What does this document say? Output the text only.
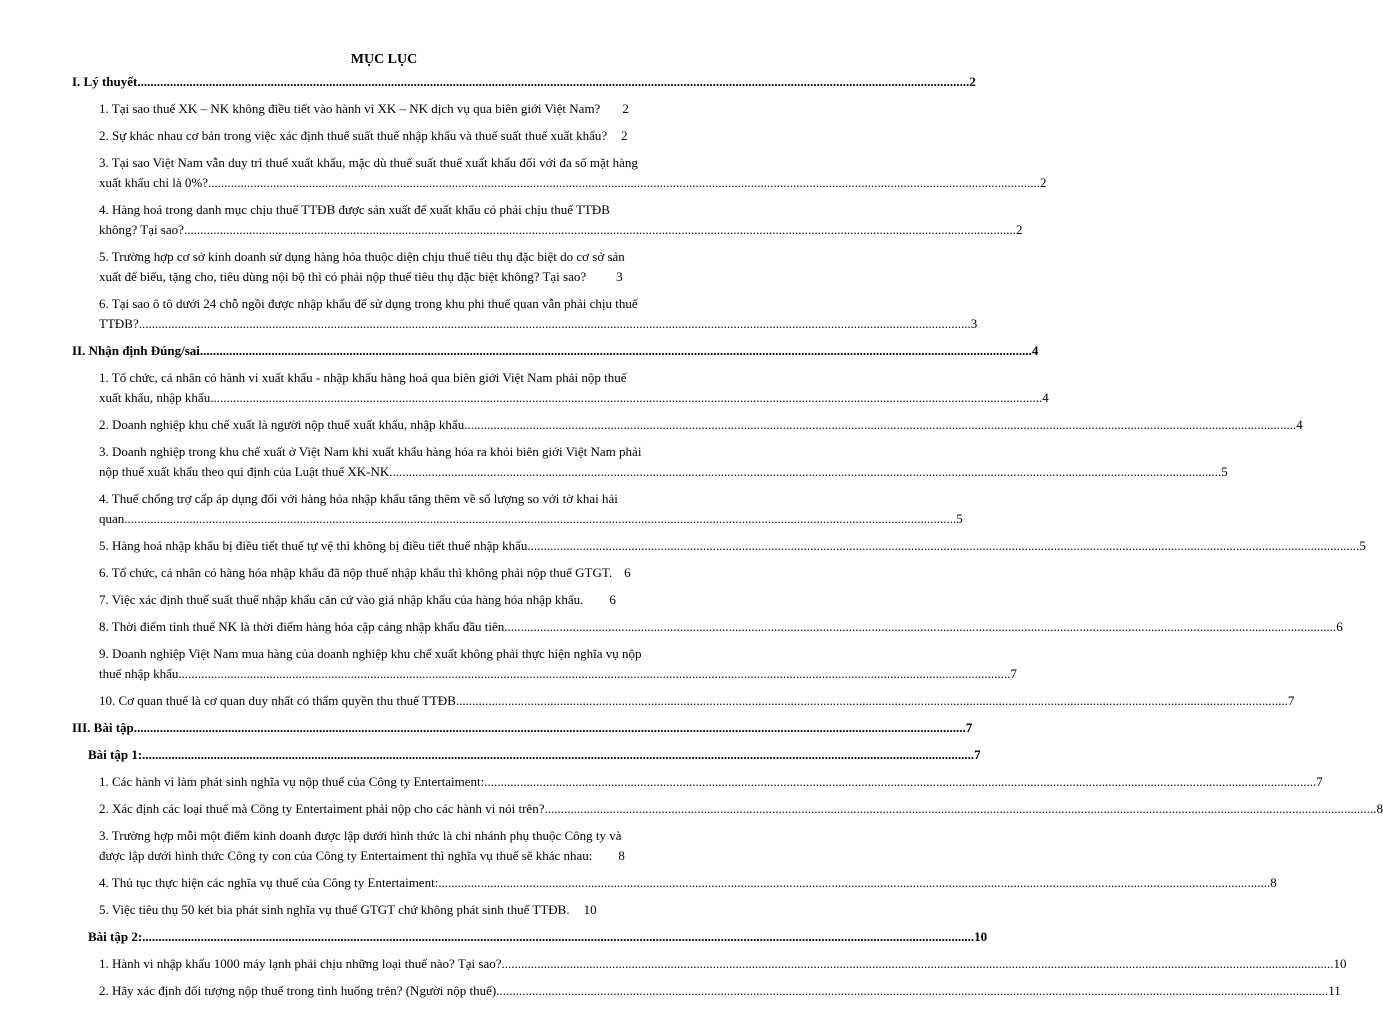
MỤC LỤC
I. Lý thuyết .....	2
1. Tại sao thuế XK – NK không điều tiết vào hành vi XK – NK dịch vụ qua biên giới Việt Nam? 2
2. Sự khác nhau cơ bản trong việc xác định thuế suất thuế nhập khẩu và thuế suất thuế xuất khẩu? 2
3. Tại sao Việt Nam vẫn duy trì thuế xuất khẩu, mặc dù thuế suất thuế xuất khẩu đối với đa số mặt hàng
xuất khẩu chỉ là 0%? .....	2
4. Hàng hoá trong danh mục chịu thuế TTĐB được sản xuất để xuất khẩu có phải chịu thuế TTĐB
không? Tại sao? .....	2
5. Trường hợp cơ sở kinh doanh sử dụng hàng hóa thuộc diện chịu thuế tiêu thụ đặc biệt do cơ sở sản
xuất để biếu, tặng cho, tiêu dùng nội bộ thì có phải nộp thuế tiêu thụ đặc biệt không? Tại sao? 3
6. Tại sao ô tô dưới 24 chỗ ngồi được nhập khẩu để sử dụng trong khu phi thuế quan vẫn phải chịu thuế
TTĐB? .....	3
II. Nhận định Đúng/sai .....	4
1. Tổ chức, cá nhân có hành vi xuất khẩu - nhập khẩu hàng hoá qua biên giới Việt Nam phải nộp thuế
xuất khẩu, nhập khẩu .....	4
2. Doanh nghiệp khu chế xuất là người nộp thuế xuất khẩu, nhập khẩu .....	4
3. Doanh nghiệp trong khu chế xuất ở Việt Nam khi xuất khẩu hàng hóa ra khỏi biên giới Việt Nam phải
nộp thuế xuất khẩu theo qui định của Luật thuế XK-NK .....	5
4. Thuế chống trợ cấp áp dụng đối với hàng hóa nhập khẩu tăng thêm về số lượng so với tờ khai hải
quan .....	5
5. Hàng hoá nhập khẩu bị điều tiết thuế tự vệ thì không bị điều tiết thuế nhập khẩu .....	5
6. Tổ chức, cá nhân có hàng hóa nhập khẩu đã nộp thuế nhập khẩu thì không phải nộp thuế GTGT. 6
7. Việc xác định thuế suất thuế nhập khẩu căn cứ vào giá nhập khẩu của hàng hóa nhập khẩu. 6
8. Thời điểm tính thuế NK là thời điểm hàng hóa cập cảng nhập khẩu đầu tiên .....	6
9. Doanh nghiệp Việt Nam mua hàng của doanh nghiệp khu chế xuất không phải thực hiện nghĩa vụ nộp
thuế nhập khẩu .....	7
10. Cơ quan thuế là cơ quan duy nhất có thẩm quyền thu thuế TTĐB .....	7
III. Bài tập .....	7
Bài tập 1: .....	7
1. Các hành vi làm phát sinh nghĩa vụ nộp thuế của Công ty Entertaiment: .....	7
2. Xác định các loại thuế mà Công ty Entertaiment phải nộp cho các hành vi nói trên? .....	8
3. Trường hợp mỗi một điểm kinh doanh được lập dưới hình thức là chi nhánh phụ thuộc Công ty và
được lập dưới hình thức Công ty con của Công ty Entertaiment thì nghĩa vụ thuế sẽ khác nhau: 8
4. Thủ tục thực hiện các nghĩa vụ thuế của Công ty Entertaiment: .....	8
5. Việc tiêu thụ 50 két bia phát sinh nghĩa vụ thuế GTGT chứ không phát sinh thuế TTĐB. 10
Bài tập 2: .....	10
1. Hành vi nhập khẩu 1000 máy lạnh phải chịu những loại thuế nào? Tại sao? .....	10
2. Hãy xác định đối tượng nộp thuế trong tình huống trên? (Người nộp thuế) .....	11
